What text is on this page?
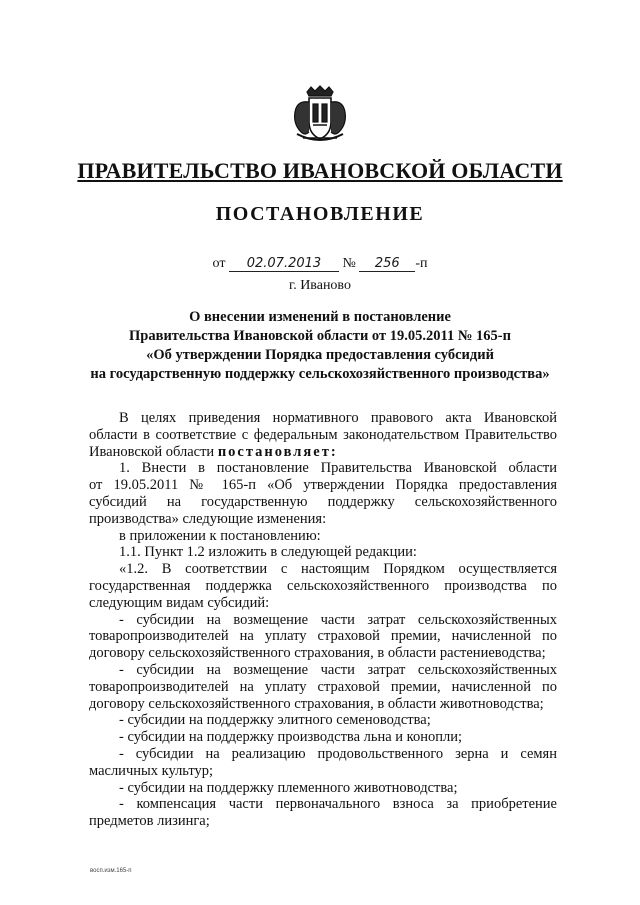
ПРАВИТЕЛЬСТВО ИВАНОВСКОЙ ОБЛАСТИ
ПОСТАНОВЛЕНИЕ
от 02.07.2013 № 256 -п
г. Иваново
О внесении изменений в постановление
Правительства Ивановской области от 19.05.2011 № 165-п
«Об утверждении Порядка предоставления субсидий
на государственную поддержку сельскохозяйственного производства»
В целях приведения нормативного правового акта Ивановской
области в соответствие с федеральным законодательством Правительство
Ивановской области постановляет:
1. Внести в постановление Правительства Ивановской области
от 19.05.2011 № 165-п «Об утверждении Порядка предоставления
субсидий на государственную поддержку сельскохозяйственного
производства» следующие изменения:
в приложении к постановлению:
1.1. Пункт 1.2 изложить в следующей редакции:
«1.2. В соответствии с настоящим Порядком осуществляется
государственная поддержка сельскохозяйственного производства по
следующим видам субсидий:
- субсидии на возмещение части затрат сельскохозяйственных
товаропроизводителей на уплату страховой премии, начисленной по
договору сельскохозяйственного страхования, в области растениеводства;
- субсидии на возмещение части затрат сельскохозяйственных
товаропроизводителей на уплату страховой премии, начисленной по
договору сельскохозяйственного страхования, в области животноводства;
- субсидии на поддержку элитного семеноводства;
- субсидии на поддержку производства льна и конопли;
- субсидии на реализацию продовольственного зерна и семян
масличных культур;
- субсидии на поддержку племенного животноводства;
- компенсация части первоначального взноса за приобретение
предметов лизинга;
восп.изм.165-п
